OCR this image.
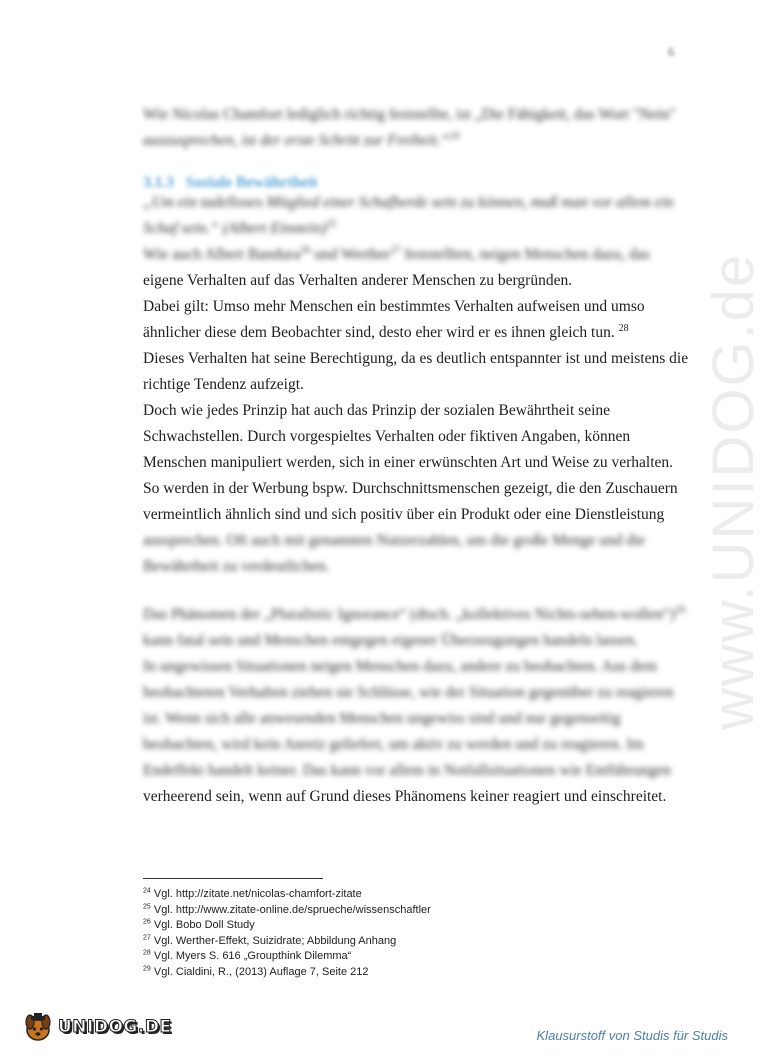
6
www.UNIDOG.de

Wie Nicolas Chamfort lediglich richtig feststellte, ist „Die Fähigkeit, das Wort "Nein"

auszusprechen, ist der erste Schritt zur Freiheit.“$^{24}$

3.1.3 Soziale Bewährtheit

„Um ein tadelloses Mitglied einer Schafherde sein zu können, muß man vor allem ein

Schaf sein.“ (Albert Einstein)$^{25}$

Wie auch Albert Bandura$^{26}$ und Werther$^{27}$ feststellten, neigen Menschen dazu, das

eigene Verhalten auf das Verhalten anderer Menschen zu bergründen.

Dabei gilt: Umso mehr Menschen ein bestimmtes Verhalten aufweisen und umso

ähnlicher diese dem Beobachter sind, desto eher wird er es ihnen gleich tun. $^{28}$

Dieses Verhalten hat seine Berechtigung, da es deutlich entspannter ist und meistens die

richtige Tendenz aufzeigt.

Doch wie jedes Prinzip hat auch das Prinzip der sozialen Bewährtheit seine

Schwachstellen. Durch vorgespieltes Verhalten oder fiktiven Angaben, können

Menschen manipuliert werden, sich in einer erwünschten Art und Weise zu verhalten.

So werden in der Werbung bspw. Durchschnittsmenschen gezeigt, die den Zuschauern

vermeintlich ähnlich sind und sich positiv über ein Produkt oder eine Dienstleistung

aussprechen. Oft auch mit genannten Nutzerzahlen, um die große Menge und die

Bewährtheit zu verdeutlichen.

Das Phänomen der „Pluralistic Ignorance“ (dtsch. „kollektives Nichts-sehen-wollen“)$^{29}$

kann fatal sein und Menschen entgegen eigener Überzeugungen handeln lassen.

In ungewissen Situationen neigen Menschen dazu, andere zu beobachten. Aus dem

beobachteten Verhalten ziehen sie Schlüsse, wie der Situation gegenüber zu reagieren

ist. Wenn sich alle anwesenden Menschen ungewiss sind und nur gegenseitig

beobachten, wird kein Anreiz geliefert, um aktiv zu werden und zu reagieren. Im

Endeffekt handelt keiner. Das kann vor allem in Notfallsituationen wie Entführungen

verheerend sein, wenn auf Grund dieses Phänomens keiner reagiert und einschreitet.

$^{24}$ Vgl. http://zitate.net/nicolas-chamfort-zitate
$^{25}$ Vgl. http://www.zitate-online.de/sprueche/wissenschaftler
$^{26}$ Vgl. Bobo Doll Study
$^{27}$ Vgl. Werther-Effekt, Suizidrate; Abbildung Anhang
$^{28}$ Vgl. Myers S. 616 „Groupthink Dilemma“
$^{29}$ Vgl. Cialdini, R., (2013) Auflage 7, Seite 212
UNIDOG.DE	Klausurstoff von Studis für Studis
